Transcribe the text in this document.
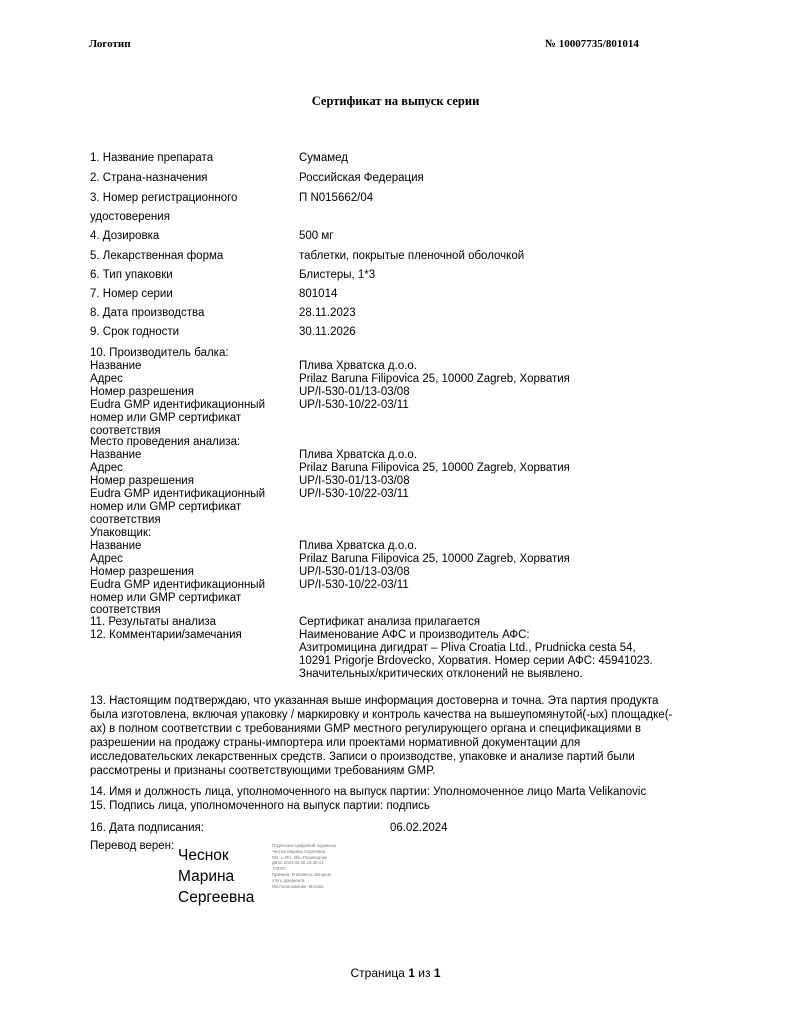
Логотип	№ 10007735/801014
Сертификат на выпуск серии
1. Название препарата	Сумамед
2. Страна-назначения	Российская Федерация
3. Номер регистрационного	П N015662/04
удостоверения
4. Дозировка	500 мг
5. Лекарственная форма	таблетки, покрытые пленочной оболочкой
6. Тип упаковки	Блистеры, 1*3
7. Номер серии	801014
8. Дата производства	28.11.2023
9. Срок годности	30.11.2026
10. Производитель балка:
Название	Плива Хрватска д.о.о.
Адрес	Prilaz Baruna Filipovica 25, 10000 Zagreb, Хорватия
Номер разрешения	UP/I-530-01/13-03/08
Eudra GMP идентификационный	UP/I-530-10/22-03/11
номер или GMP сертификат
соответствия
Место проведения анализа:
Название	Плива Хрватска д.о.о.
Адрес	Prilaz Baruna Filipovica 25, 10000 Zagreb, Хорватия
Номер разрешения	UP/I-530-01/13-03/08
Eudra GMP идентификационный	UP/I-530-10/22-03/11
номер или GMP сертификат
соответствия
Упаковщик:
Название	Плива Хрватска д.о.о.
Адрес	Prilaz Baruna Filipovica 25, 10000 Zagreb, Хорватия
Номер разрешения	UP/I-530-01/13-03/08
Eudra GMP идентификационный	UP/I-530-10/22-03/11
номер или GMP сертификат
соответствия
11. Результаты анализа	Сертификат анализа прилагается
12. Комментарии/замечания	Наименование АФС и производитель АФС:
Азитромицина дигидрат – Pliva Croatia Ltd., Prudnicka cesta 54,
10291 Prigorje Brdovecko, Хорватия. Номер серии АФС: 45941023.
Значительных/критических отклонений не выявлено.
13. Настоящим подтверждаю, что указанная выше информация достоверна и точна. Эта партия продукта
была изготовлена, включая упаковку / маркировку и контроль качества на вышеупомянутой(-ых) площадке(-
ах) в полном соответствии с требованиями GMP местного регулирующего органа и спецификациями в
разрешении на продажу страны-импортера или проектами нормативной документации для
исследовательских лекарственных средств. Записи о производстве, упаковке и анализе партий были
рассмотрены и признаны соответствующими требованиям GMP.
14. Имя и должность лица, уполномоченного на выпуск партии: Уполномоченное лицо Marta Velikanovic
15. Подпись лица, уполномоченного на выпуск партии: подпись
16. Дата подписания:	06.02.2024
Перевод верен:
Чеснок
Марина
Сергеевна
Подписано цифровой подписью
Чеснок Марина Сергеевна
DN: c=RU, title=Переводчик
Дата: 2024.02.06 15:20:41
+03'00'
Причина: Я являюсь автором
этого документа
Местоположение: Москва
Страница 1 из 1
